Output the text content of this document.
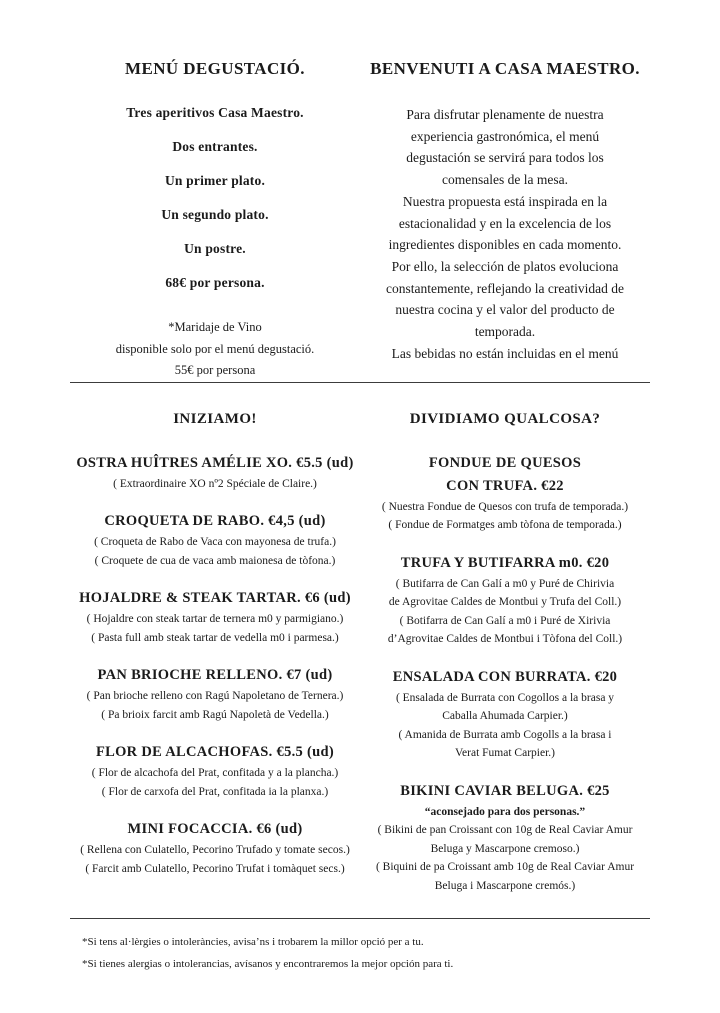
MENÚ DEGUSTACIÓ.

Tres aperitivos Casa Maestro.

Dos entrantes.

Un primer plato.

Un segundo plato.

Un postre.

68€ por persona.

*Maridaje de Vino

disponible solo por el menú degustació.

55€ por persona

BENVENUTI A CASA MAESTRO.

Para disfrutar plenamente de nuestra

experiencia gastronómica, el menú

degustación se servirá para todos los

comensales de la mesa.

Nuestra propuesta está inspirada en la

estacionalidad y en la excelencia de los

ingredientes disponibles en cada momento.

Por ello, la selección de platos evoluciona

constantemente, reflejando la creatividad de

nuestra cocina y el valor del producto de

temporada.

Las bebidas no están incluidas en el menú

INIZIAMO!
OSTRA HUÎTRES AMÉLIE XO. €5.5 (ud)

( Extraordinaire XO nº2 Spéciale de Claire.)

CROQUETA DE RABO. €4,5 (ud)

( Croqueta de Rabo de Vaca con mayonesa de trufa.)

( Croquete de cua de vaca amb maionesa de tòfona.)

HOJALDRE & STEAK TARTAR. €6 (ud)

( Hojaldre con steak tartar de ternera m0 y parmigiano.)

( Pasta full amb steak tartar de vedella m0 i parmesa.)

PAN BRIOCHE RELLENO. €7 (ud)

( Pan brioche relleno con Ragú Napoletano de Ternera.)

( Pa brioix farcit amb Ragú Napoletà de Vedella.)

FLOR DE ALCACHOFAS. €5.5 (ud)

( Flor de alcachofa del Prat, confitada y a la plancha.)

( Flor de carxofa del Prat, confitada ia la planxa.)

MINI FOCACCIA. €6 (ud)

( Rellena con Culatello, Pecorino Trufado y tomate secos.)

( Farcit amb Culatello, Pecorino Trufat i tomàquet secs.)

DIVIDIAMO QUALCOSA?
FONDUE DE QUESOS
CON TRUFA. €22

( Nuestra Fondue de Quesos con trufa de temporada.)

( Fondue de Formatges amb tòfona de temporada.)

TRUFA Y BUTIFARRA m0. €20

( Butifarra de Can Galí a m0 y Puré de Chirivia

de Agrovitae Caldes de Montbui y Trufa del Coll.)

( Botifarra de Can Galí a m0 i Puré de Xirivia

d’Agrovitae Caldes de Montbui i Tòfona del Coll.)

ENSALADA CON BURRATA. €20

( Ensalada de Burrata con Cogollos a la brasa y

Caballa Ahumada Carpier.)

( Amanida de Burrata amb Cogolls a la brasa i

Verat Fumat Carpier.)

BIKINI CAVIAR BELUGA. €25

“aconsejado para dos personas.”

( Bikini de pan Croissant con 10g de Real Caviar Amur

Beluga y Mascarpone cremoso.)

( Biquini de pa Croissant amb 10g de Real Caviar Amur

Beluga i Mascarpone cremós.)

*Si tens al·lèrgies o intoleràncies, avisa’ns i trobarem la millor opció per a tu.

*Si tienes alergias o intolerancias, avísanos y encontraremos la mejor opción para ti.
